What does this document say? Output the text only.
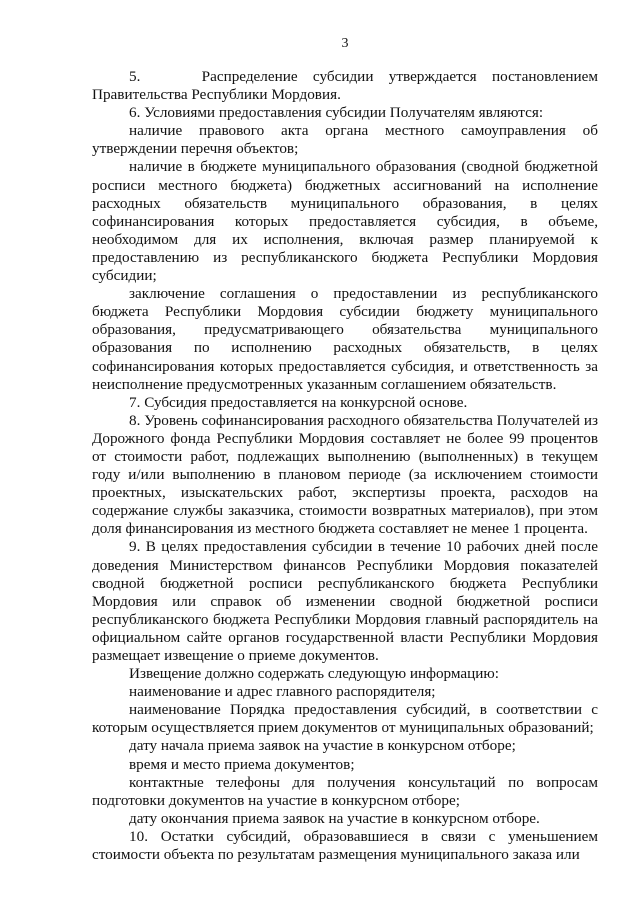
3

5.    Распределение субсидии утверждается постановлением Правительства Республики Мордовия.

6. Условиями предоставления субсидии Получателям являются:

наличие правового акта органа местного самоуправления об утверждении перечня объектов;

наличие в бюджете муниципального образования (сводной бюджетной росписи местного бюджета) бюджетных ассигнований на исполнение расходных обязательств муниципального образования, в целях софинансирования которых предоставляется субсидия, в объеме, необходимом для их исполнения, включая размер планируемой к предоставлению из республиканского бюджета Республики Мордовия субсидии;

заключение соглашения о предоставлении из республиканского бюджета Республики Мордовия субсидии бюджету муниципального образования, предусматривающего обязательства муниципального образования по исполнению расходных обязательств, в целях софинансирования которых предоставляется субсидия, и ответственность за неисполнение предусмотренных указанным соглашением обязательств.

7. Субсидия предоставляется на конкурсной основе.

8. Уровень софинансирования расходного обязательства Получателей из Дорожного фонда Республики Мордовия составляет не более 99 процентов от стоимости работ, подлежащих выполнению (выполненных) в текущем году и/или выполнению в плановом периоде (за исключением стоимости проектных, изыскательских работ, экспертизы проекта, расходов на содержание службы заказчика, стоимости возвратных материалов), при этом доля финансирования из местного бюджета составляет не менее 1 процента.

9. В целях предоставления субсидии в течение 10 рабочих дней после доведения Министерством финансов Республики Мордовия показателей сводной бюджетной росписи республиканского бюджета Республики Мордовия или справок об изменении сводной бюджетной росписи республиканского бюджета Республики Мордовия главный распорядитель на официальном сайте органов государственной власти Республики Мордовия размещает извещение о приеме документов.

Извещение должно содержать следующую информацию:

наименование и адрес главного распорядителя;

наименование Порядка предоставления субсидий, в соответствии с которым осуществляется прием документов от муниципальных образований;

дату начала приема заявок на участие в конкурсном отборе;

время и место приема документов;

контактные телефоны для получения консультаций по вопросам подготовки документов на участие в конкурсном отборе;

дату окончания приема заявок на участие в конкурсном отборе.

10. Остатки субсидий, образовавшиеся в связи с уменьшением стоимости объекта по результатам размещения муниципального заказа или
